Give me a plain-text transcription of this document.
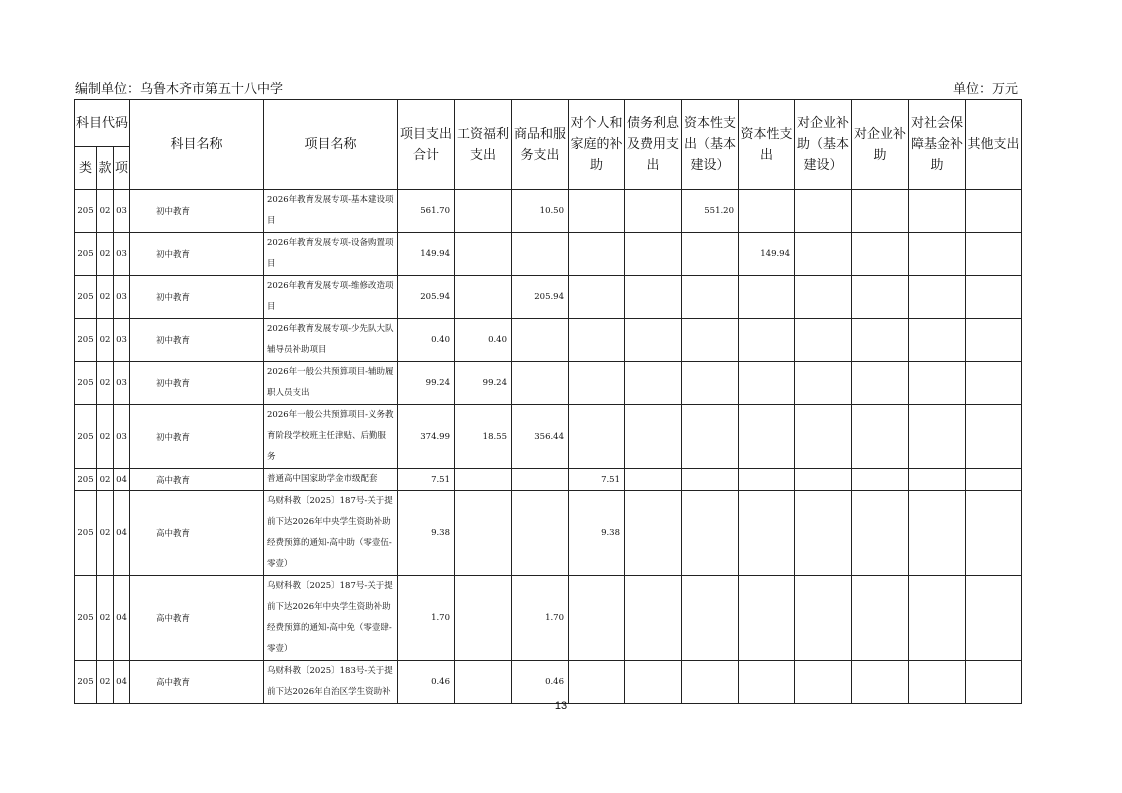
编制单位：乌鲁木齐市第五十八中学	单位：万元
科目代码			科目名称	项目名称	项目支出合计	工资福利支出	商品和服务支出	对个人和家庭的补助	债务利息及费用支出	资本性支出（基本建设）	资本性支出	对企业补助（基本建设）	对企业补助	对社会保障基金补助	其他支出
类	款	项													
205	02	03	初中教育	2026年教育发展专项-基本建设项目	561.70		10.50			551.20					
205	02	03	初中教育	2026年教育发展专项-设备购置项目	149.94						149.94				
205	02	03	初中教育	2026年教育发展专项-维修改造项目	205.94		205.94								
205	02	03	初中教育	2026年教育发展专项-少先队大队辅导员补助项目	0.40	0.40									
205	02	03	初中教育	2026年一般公共预算项目-辅助履职人员支出	99.24	99.24									
205	02	03	初中教育	2026年一般公共预算项目-义务教育阶段学校班主任津贴、后勤服务	374.99	18.55	356.44								
205	02	04	高中教育	普通高中国家助学金市级配套	7.51			7.51							
205	02	04	高中教育	乌财科教〔2025〕187号-关于提前下达2026年中央学生资助补助经费预算的通知-高中助（零壹伍-零壹）	9.38			9.38							
205	02	04	高中教育	乌财科教〔2025〕187号-关于提前下达2026年中央学生资助补助经费预算的通知-高中免（零壹肆-零壹）	1.70		1.70								
205	02	04	高中教育	乌财科教〔2025〕183号-关于提前下达2026年自治区学生资助补	0.46		0.46								
13
